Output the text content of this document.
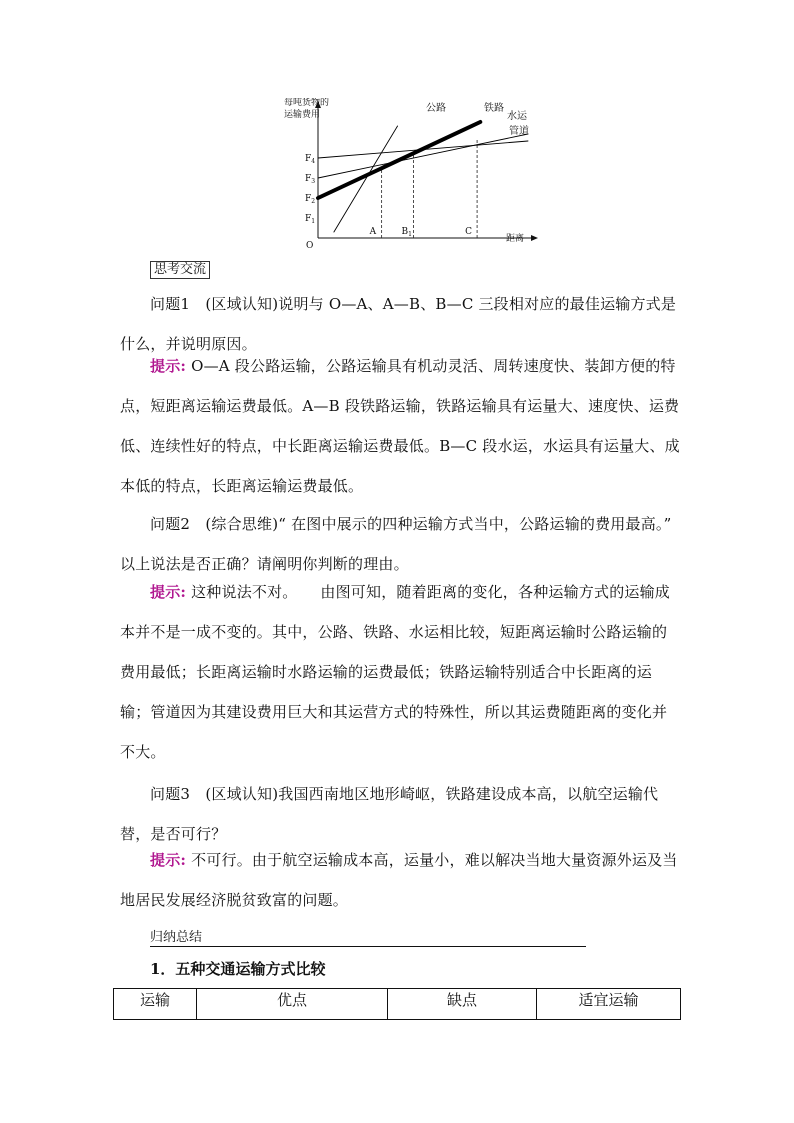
每吨货物的
运输费用
距离
O
$F_4$
$F_3$
$F_2$
$F_1$
A	$B_1$	C
公路	铁路
水运
管道
思考交流
问题1　(区域认知)说明与 O—A、A—B、B—C 三段相对应的最佳运输方式是什么，并说明原因。
提示: O—A 段公路运输，公路运输具有机动灵活、周转速度快、装卸方便的特点，短距离运输运费最低。A—B 段铁路运输，铁路运输具有运量大、速度快、运费低、连续性好的特点，中长距离运输运费最低。B—C 段水运，水运具有运量大、成本低的特点，长距离运输运费最低。
问题2　(综合思维)“ 在图中展示的四种运输方式当中，公路运输的费用最高。” 以上说法是否正确？请阐明你判断的理由。
提示: 这种说法不对。　　由图可知，随着距离的变化，各种运输方式的运输成本并不是一成不变的。其中，公路、铁路、水运相比较，短距离运输时公路运输的费用最低；长距离运输时水路运输的运费最低；铁路运输特别适合中长距离的运输；管道因为其建设费用巨大和其运营方式的特殊性，所以其运费随距离的变化并不大。
问题3　(区域认知)我国西南地区地形崎岖，铁路建设成本高，以航空运输代替，是否可行？
提示: 不可行。由于航空运输成本高，运量小，难以解决当地大量资源外运及当地居民发展经济脱贫致富的问题。
归纳总结
1．五种交通运输方式比较
运输	优点	缺点	适宜运输
